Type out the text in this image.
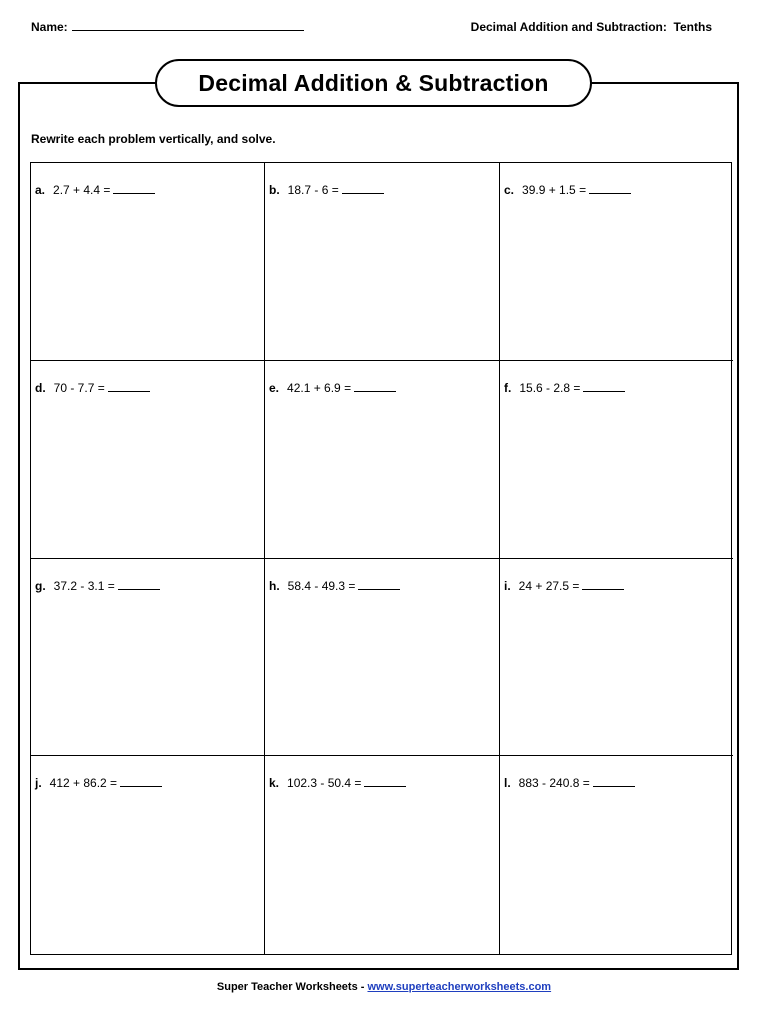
Name:	Decimal Addition and Subtraction:  Tenths
Decimal Addition & Subtraction
Rewrite each problem vertically, and solve.
a. 2.7 + 4.4 =	b. 18.7 - 6 =	c. 39.9 + 1.5 =
d. 70 - 7.7 =	e. 42.1 + 6.9 =	f. 15.6 - 2.8 =
g. 37.2 - 3.1 =	h. 58.4 - 49.3 =	i. 24 + 27.5 =
j. 412 + 86.2 =	k. 102.3 - 50.4 =	l. 883 - 240.8 =
Super Teacher Worksheets - www.superteacherworksheets.com
